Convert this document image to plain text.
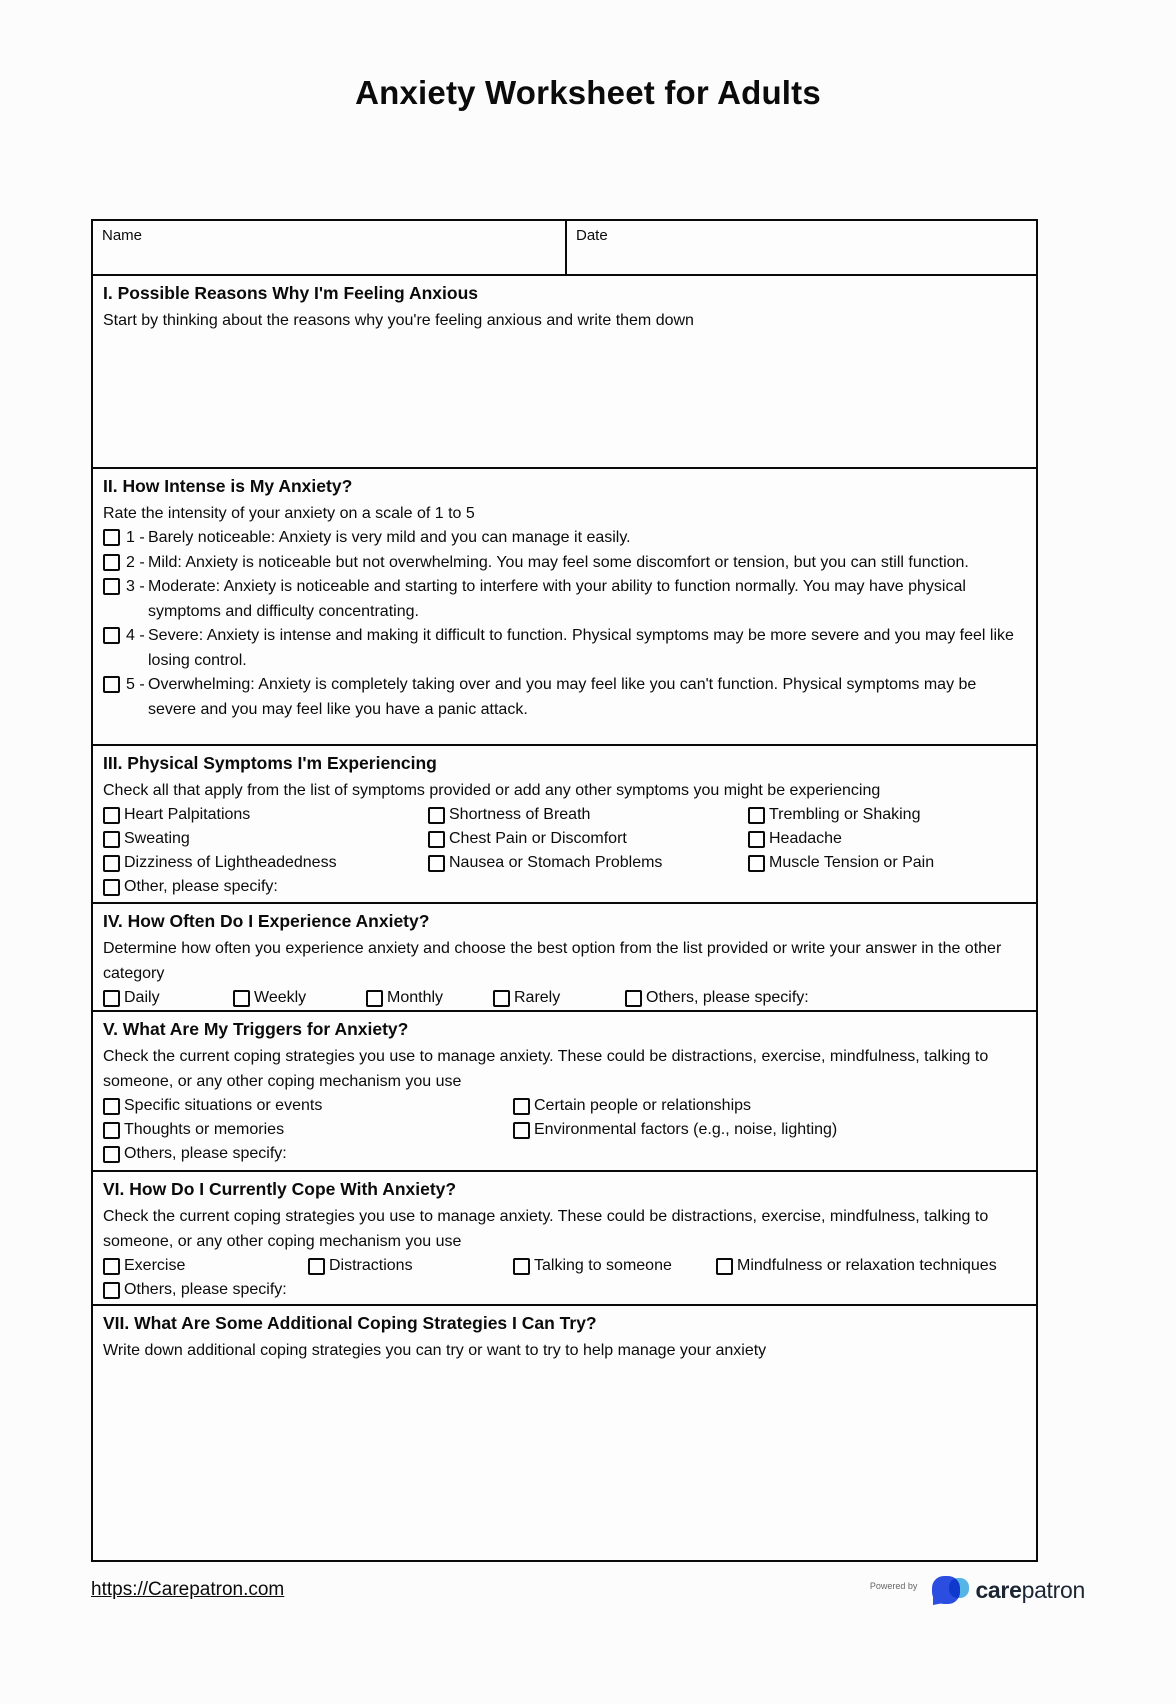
Anxiety Worksheet for Adults
Name	Date
I. Possible Reasons Why I'm Feeling Anxious
Start by thinking about the reasons why you're feeling anxious and write them down
II. How Intense is My Anxiety?
Rate the intensity of your anxiety on a scale of 1 to 5
1 - Barely noticeable: Anxiety is very mild and you can manage it easily.
2 - Mild: Anxiety is noticeable but not overwhelming. You may feel some discomfort or tension, but you can still function.
3 - Moderate: Anxiety is noticeable and starting to interfere with your ability to function normally. You may have physical symptoms and difficulty concentrating.
4 - Severe: Anxiety is intense and making it difficult to function. Physical symptoms may be more severe and you may feel like losing control.
5 - Overwhelming: Anxiety is completely taking over and you may feel like you can't function. Physical symptoms may be severe and you may feel like you have a panic attack.
III. Physical Symptoms I'm Experiencing
Check all that apply from the list of symptoms provided or add any other symptoms you might be experiencing
Heart Palpitations	Shortness of Breath	Trembling or Shaking
Sweating	Chest Pain or Discomfort	Headache
Dizziness of Lightheadedness	Nausea or Stomach Problems	Muscle Tension or Pain
Other, please specify:
IV. How Often Do I Experience Anxiety?
Determine how often you experience anxiety and choose the best option from the list provided or write your answer in the other category
Daily	Weekly	Monthly	Rarely	Others, please specify:
V. What Are My Triggers for Anxiety?
Check the current coping strategies you use to manage anxiety. These could be distractions, exercise, mindfulness, talking to someone, or any other coping mechanism you use
Specific situations or events	Certain people or relationships
Thoughts or memories	Environmental factors (e.g., noise, lighting)
Others, please specify:
VI. How Do I Currently Cope With Anxiety?
Check the current coping strategies you use to manage anxiety. These could be distractions, exercise, mindfulness, talking to someone, or any other coping mechanism you use
Exercise	Distractions	Talking to someone	Mindfulness or relaxation techniques
Others, please specify:
VII. What Are Some Additional Coping Strategies I Can Try?
Write down additional coping strategies you can try or want to try to help manage your anxiety
https://Carepatron.com	Powered by	carepatron
